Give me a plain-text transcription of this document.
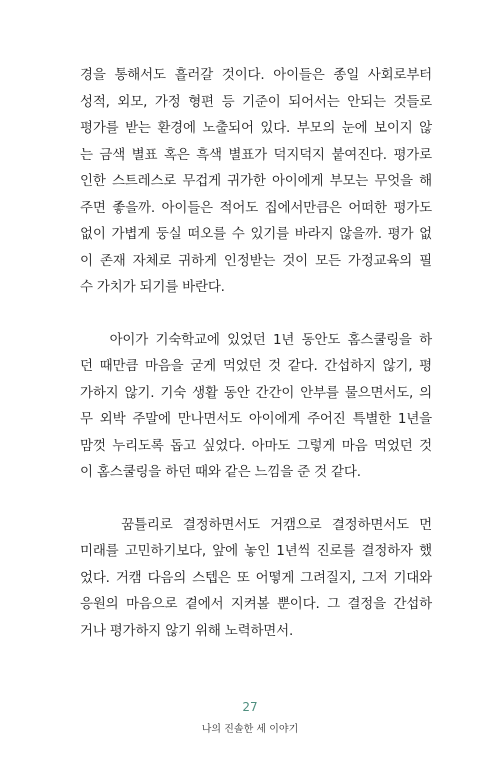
경을 통해서도 흘러갈 것이다. 아이들은 종일 사회로부터
성적, 외모, 가정 형편 등 기준이 되어서는 안되는 것들로
평가를 받는 환경에 노출되어 있다. 부모의 눈에 보이지 않
는 금색 별표 혹은 흑색 별표가 덕지덕지 붙여진다. 평가로
인한 스트레스로 무겁게 귀가한 아이에게 부모는 무엇을 해
주면 좋을까. 아이들은 적어도 집에서만큼은 어떠한 평가도
없이 가볍게 둥실 떠오를 수 있기를 바라지 않을까. 평가 없
이 존재 자체로 귀하게 인정받는 것이 모든 가정교육의 필
수 가치가 되기를 바란다.
아이가 기숙학교에 있었던 1년 동안도 홈스쿨링을 하
던 때만큼 마음을 굳게 먹었던 것 같다. 간섭하지 않기, 평
가하지 않기. 기숙 생활 동안 간간이 안부를 물으면서도, 의
무 외박 주말에 만나면서도 아이에게 주어진 특별한 1년을
맘껏 누리도록 돕고 싶었다. 아마도 그렇게 마음 먹었던 것
이 홈스쿨링을 하던 때와 같은 느낌을 준 것 같다.
꿈틀리로 결정하면서도 거캠으로 결정하면서도 먼
미래를 고민하기보다, 앞에 놓인 1년씩 진로를 결정하자 했
었다. 거캠 다음의 스텝은 또 어떻게 그려질지, 그저 기대와
응원의 마음으로 곁에서 지켜볼 뿐이다. 그 결정을 간섭하
거나 평가하지 않기 위해 노력하면서.
27
나의 진솔한 세 이야기
